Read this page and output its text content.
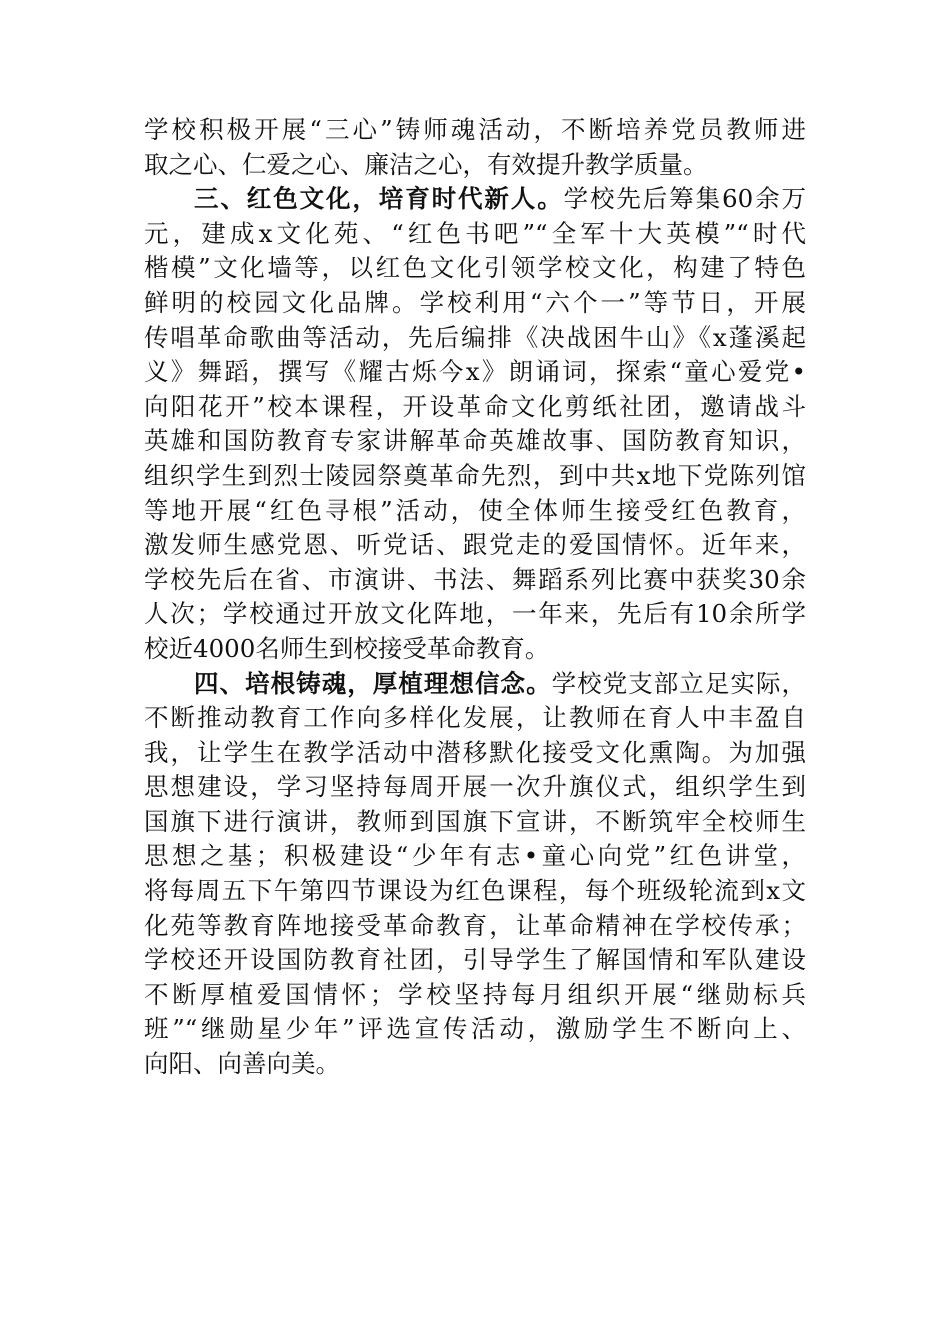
学校积极开展“三心”铸师魂活动，不断培养党员教师进
取之心、仁爱之心、廉洁之心，有效提升教学质量。
三、红色文化，培育时代新人。学校先后筹集60余万
元，建成x文化苑、“红色书吧”“全军十大英模”“时代
楷模”文化墙等，以红色文化引领学校文化，构建了特色
鲜明的校园文化品牌。学校利用“六个一”等节日，开展
传唱革命歌曲等活动，先后编排《决战困牛山》《x蓬溪起
义》舞蹈，撰写《耀古烁今x》朗诵词，探索“童心爱党•
向阳花开”校本课程，开设革命文化剪纸社团，邀请战斗
英雄和国防教育专家讲解革命英雄故事、国防教育知识，
组织学生到烈士陵园祭奠革命先烈，到中共x地下党陈列馆
等地开展“红色寻根”活动，使全体师生接受红色教育，
激发师生感党恩、听党话、跟党走的爱国情怀。近年来，
学校先后在省、市演讲、书法、舞蹈系列比赛中获奖30余
人次；学校通过开放文化阵地，一年来，先后有10余所学
校近4000名师生到校接受革命教育。
四、培根铸魂，厚植理想信念。学校党支部立足实际，
不断推动教育工作向多样化发展，让教师在育人中丰盈自
我，让学生在教学活动中潜移默化接受文化熏陶。为加强
思想建设，学习坚持每周开展一次升旗仪式，组织学生到
国旗下进行演讲，教师到国旗下宣讲，不断筑牢全校师生
思想之基；积极建设“少年有志•童心向党”红色讲堂，
将每周五下午第四节课设为红色课程，每个班级轮流到x文
化苑等教育阵地接受革命教育，让革命精神在学校传承；
学校还开设国防教育社团，引导学生了解国情和军队建设
不断厚植爱国情怀；学校坚持每月组织开展“继勋标兵
班”“继勋星少年”评选宣传活动，激励学生不断向上、
向阳、向善向美。
